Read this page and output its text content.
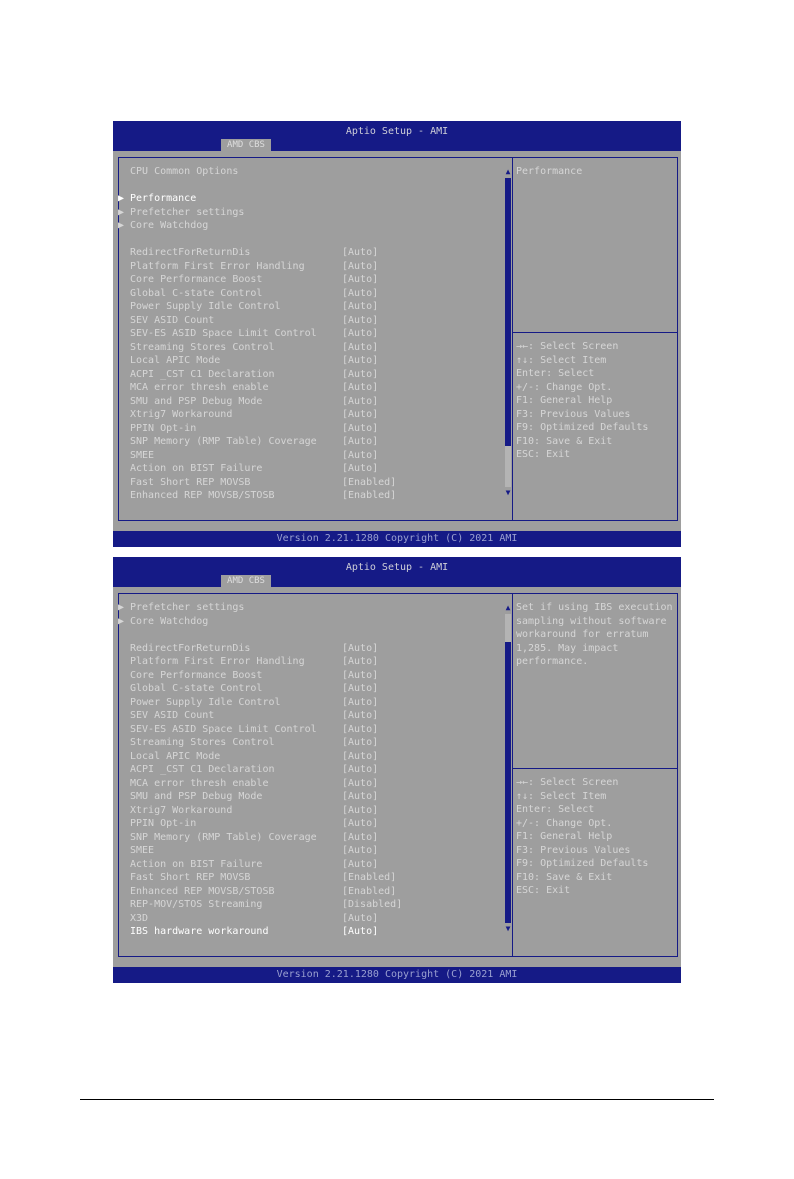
Aptio Setup - AMI
AMD CBS
CPU Common Options
▶ Performance
▶ Prefetcher settings
▶ Core Watchdog
RedirectForReturnDis	[Auto]
Platform First Error Handling	[Auto]
Core Performance Boost	[Auto]
Global C-state Control	[Auto]
Power Supply Idle Control	[Auto]
SEV ASID Count	[Auto]
SEV-ES ASID Space Limit Control	[Auto]
Streaming Stores Control	[Auto]
Local APIC Mode	[Auto]
ACPI _CST C1 Declaration	[Auto]
MCA error thresh enable	[Auto]
SMU and PSP Debug Mode	[Auto]
Xtrig7 Workaround	[Auto]
PPIN Opt-in	[Auto]
SNP Memory (RMP Table) Coverage	[Auto]
SMEE	[Auto]
Action on BIST Failure	[Auto]
Fast Short REP MOVSB	[Enabled]
Enhanced REP MOVSB/STOSB	[Enabled]
▲
▼
Performance
→←: Select Screen
↑↓: Select Item
Enter: Select
+/-: Change Opt.
F1: General Help
F3: Previous Values
F9: Optimized Defaults
F10: Save & Exit
ESC: Exit
Version 2.21.1280 Copyright (C) 2021 AMI
Aptio Setup - AMI
AMD CBS
▶ Prefetcher settings
▶ Core Watchdog
RedirectForReturnDis	[Auto]
Platform First Error Handling	[Auto]
Core Performance Boost	[Auto]
Global C-state Control	[Auto]
Power Supply Idle Control	[Auto]
SEV ASID Count	[Auto]
SEV-ES ASID Space Limit Control	[Auto]
Streaming Stores Control	[Auto]
Local APIC Mode	[Auto]
ACPI _CST C1 Declaration	[Auto]
MCA error thresh enable	[Auto]
SMU and PSP Debug Mode	[Auto]
Xtrig7 Workaround	[Auto]
PPIN Opt-in	[Auto]
SNP Memory (RMP Table) Coverage	[Auto]
SMEE	[Auto]
Action on BIST Failure	[Auto]
Fast Short REP MOVSB	[Enabled]
Enhanced REP MOVSB/STOSB	[Enabled]
REP-MOV/STOS Streaming	[Disabled]
X3D	[Auto]
IBS hardware workaround	[Auto]
▲
▼
Set if using IBS execution sampling without software workaround for erratum 1,285. May impact performance.
→←: Select Screen
↑↓: Select Item
Enter: Select
+/-: Change Opt.
F1: General Help
F3: Previous Values
F9: Optimized Defaults
F10: Save & Exit
ESC: Exit
Version 2.21.1280 Copyright (C) 2021 AMI
